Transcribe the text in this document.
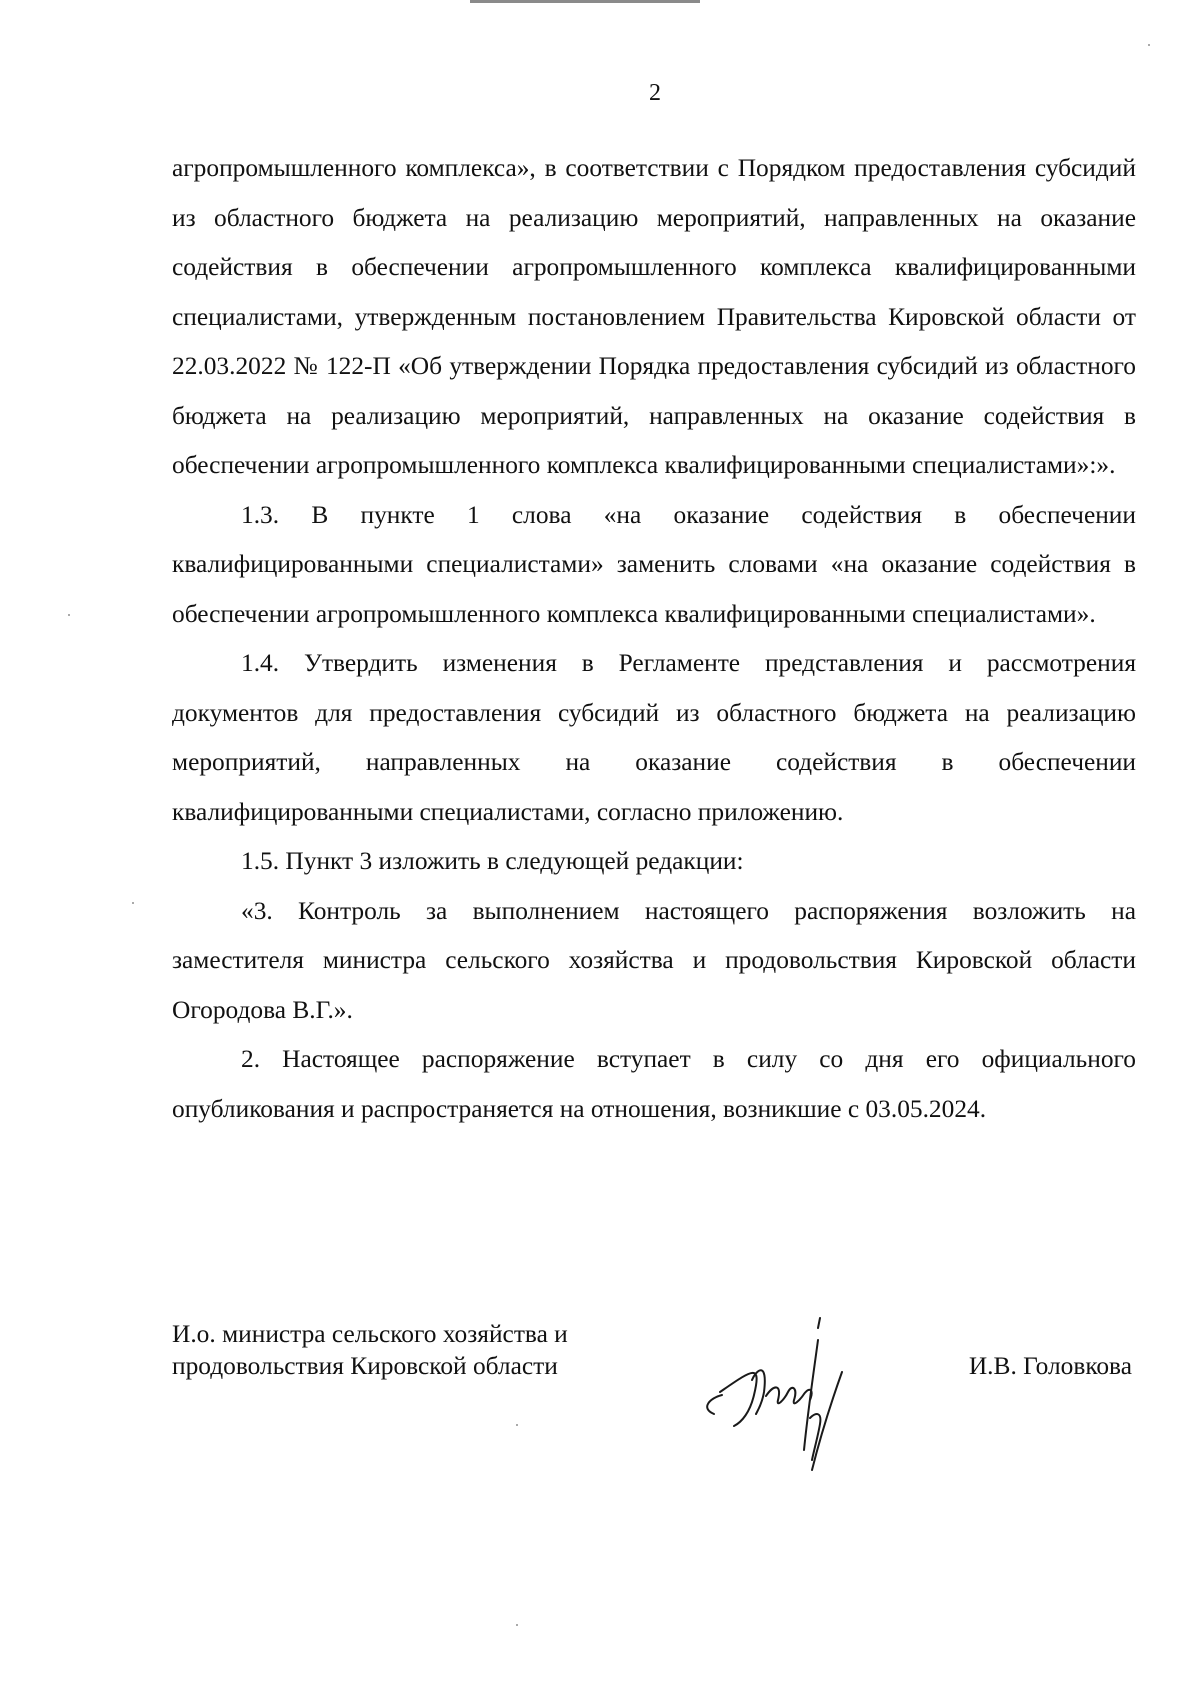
2

агропромышленного комплекса», в соответствии с Порядком предоставления субсидий из областного бюджета на реализацию мероприятий, направленных на оказание содействия в обеспечении агропромышленного комплекса квалифицированными специалистами, утвержденным постановлением Правительства Кировской области от 22.03.2022 № 122-П «Об утверждении Порядка предоставления субсидий из областного бюджета на реализацию мероприятий, направленных на оказание содействия в обеспечении агропромышленного комплекса квалифицированными специалистами»:».

1.3. В пункте 1 слова «на оказание содействия в обеспечении квалифицированными специалистами» заменить словами «на оказание содействия в обеспечении агропромышленного комплекса квалифицированными специалистами».

1.4. Утвердить изменения в Регламенте представления и рассмотрения документов для предоставления субсидий из областного бюджета на реализацию мероприятий, направленных на оказание содействия в обеспечении квалифицированными специалистами, согласно приложению.

1.5. Пункт 3 изложить в следующей редакции:

«3. Контроль за выполнением настоящего распоряжения возложить на заместителя министра сельского хозяйства и продовольствия Кировской области Огородова В.Г.».

2. Настоящее распоряжение вступает в силу со дня его официального опубликования и распространяется на отношения, возникшие с 03.05.2024.

И.о. министра сельского хозяйства и
продовольствия Кировской области	И.В. Головкова
